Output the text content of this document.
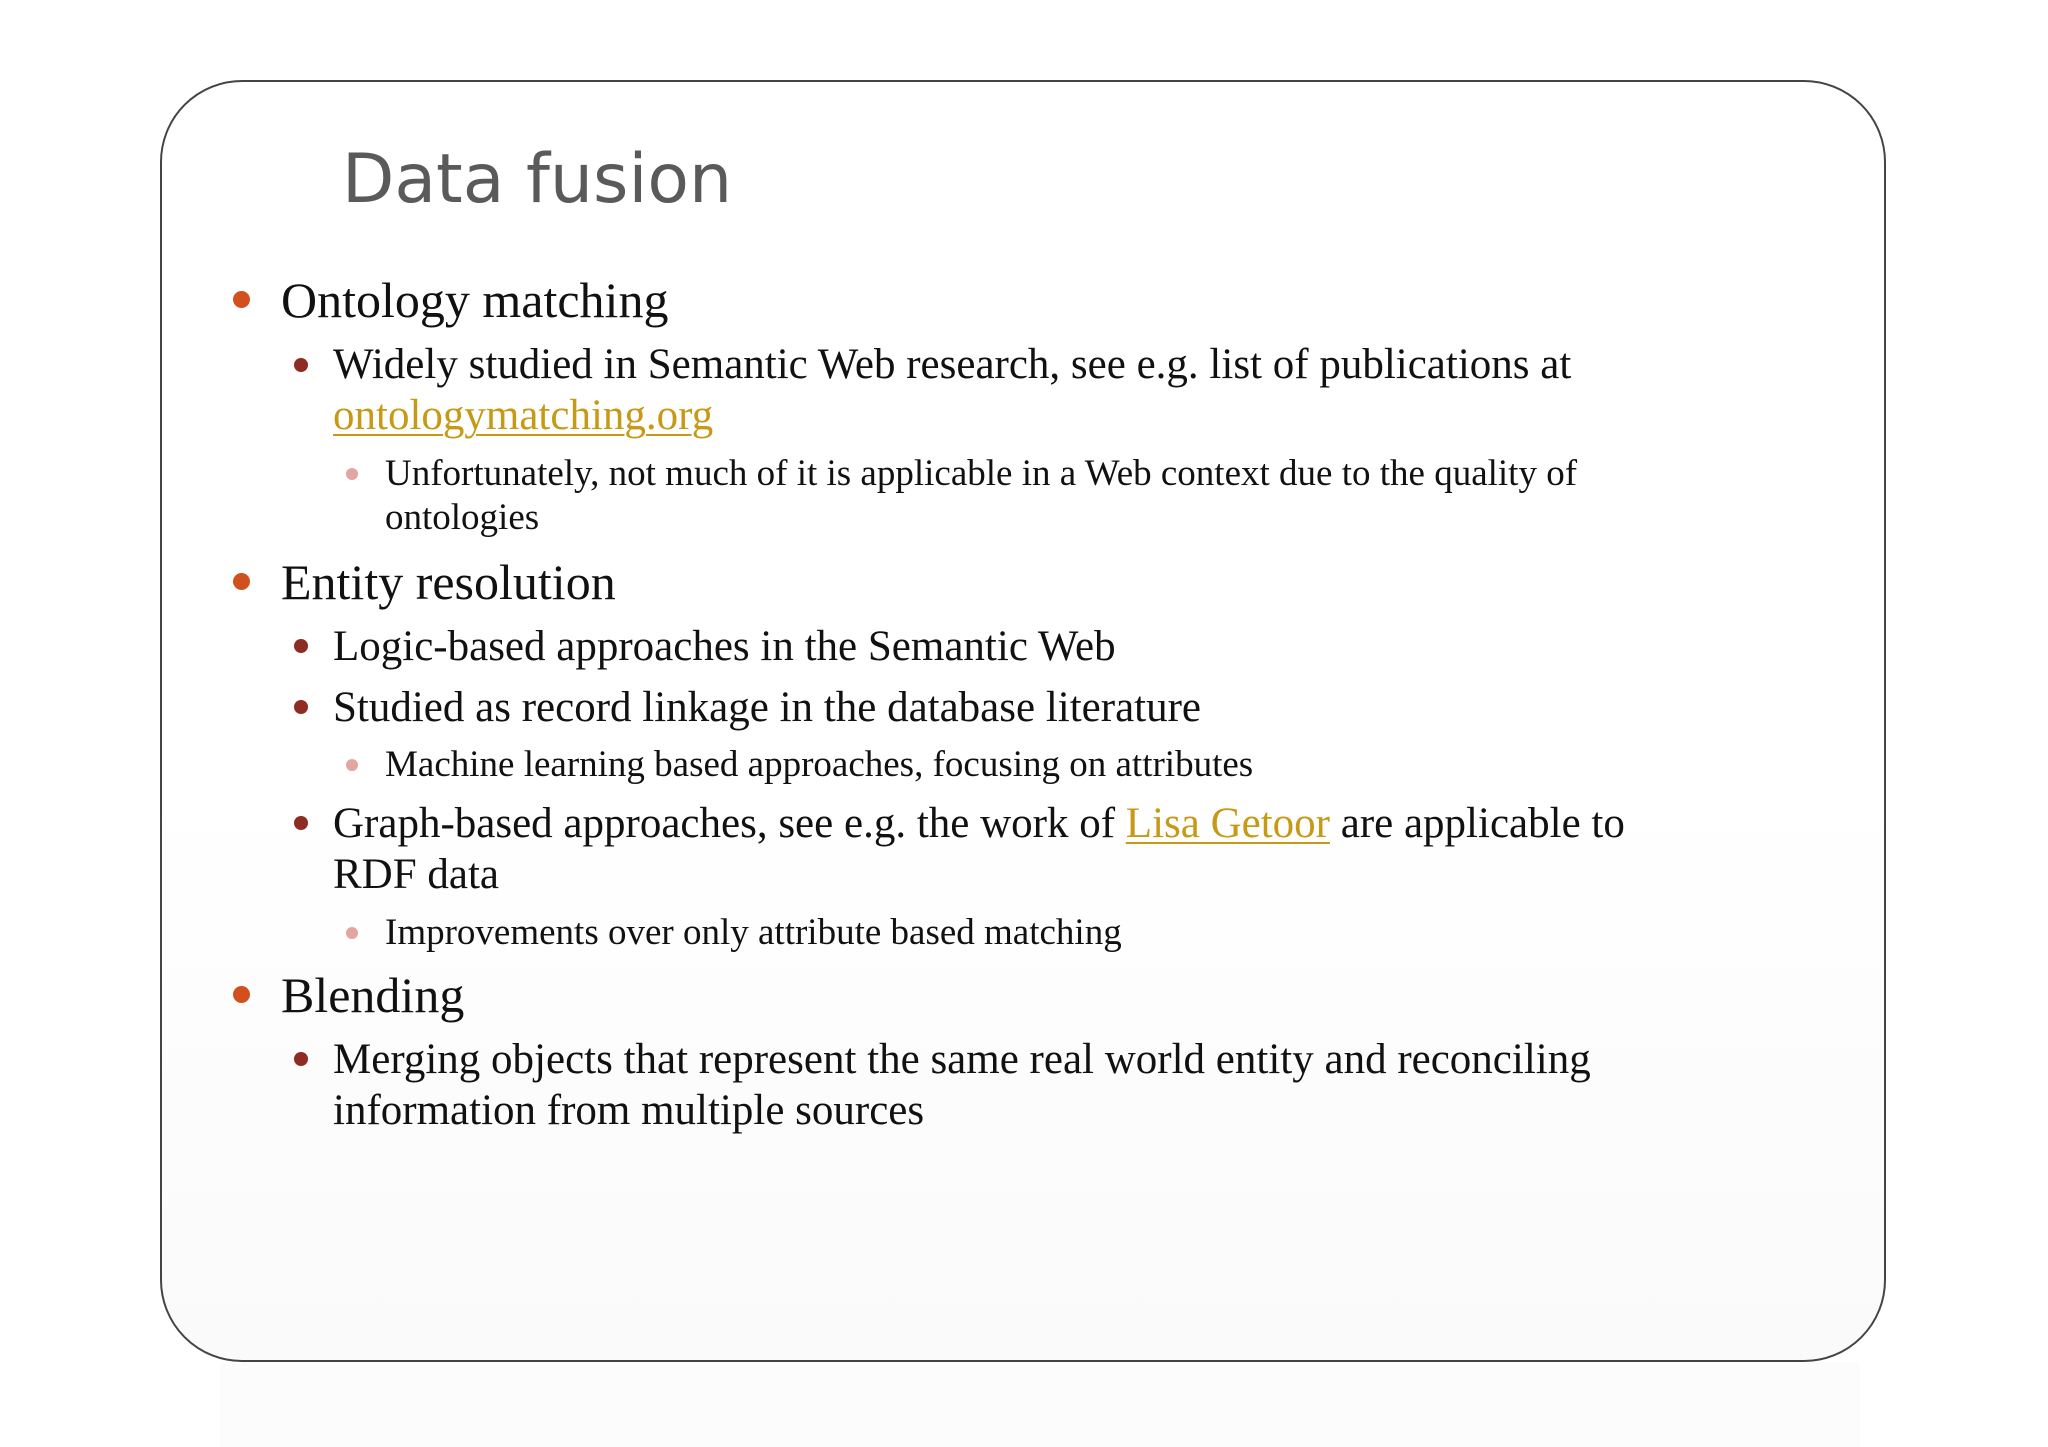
Data fusion
Ontology matching
Widely studied in Semantic Web research, see e.g. list of publications at
ontologymatching.org
Unfortunately, not much of it is applicable in a Web context due to the quality of
ontologies
Entity resolution
Logic-based approaches in the Semantic Web
Studied as record linkage in the database literature
Machine learning based approaches, focusing on attributes
Graph-based approaches, see e.g. the work of Lisa Getoor are applicable to
RDF data
Improvements over only attribute based matching
Blending
Merging objects that represent the same real world entity and reconciling
information from multiple sources
